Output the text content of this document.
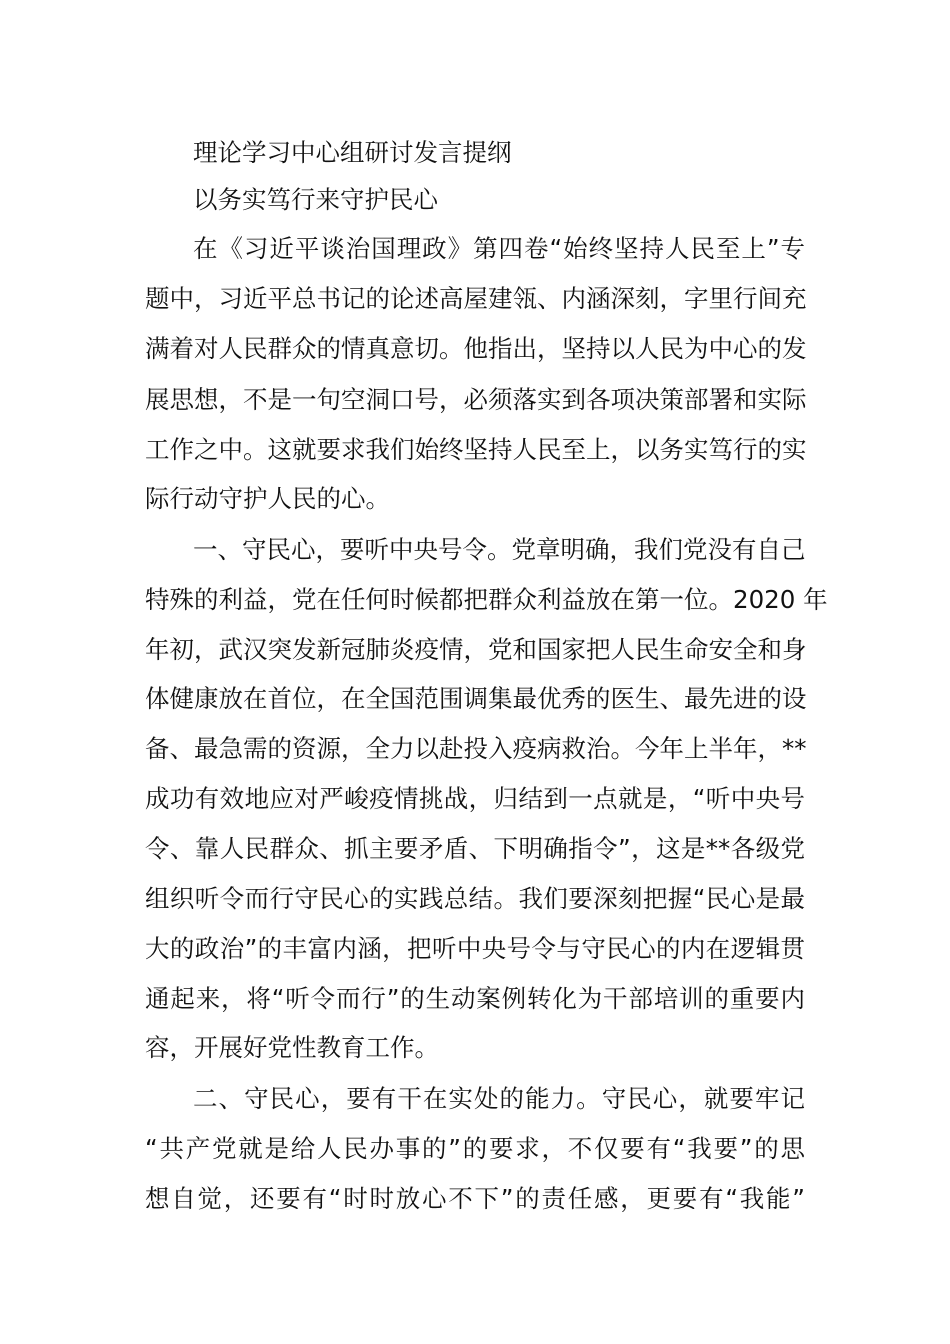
理论学习中心组研讨发言提纲
以务实笃行来守护民心
在《习近平谈治国理政》第四卷“始终坚持人民至上”专
题中，习近平总书记的论述高屋建瓴、内涵深刻，字里行间充
满着对人民群众的情真意切。他指出，坚持以人民为中心的发
展思想，不是一句空洞口号，必须落实到各项决策部署和实际
工作之中。这就要求我们始终坚持人民至上，以务实笃行的实
际行动守护人民的心。
一、守民心，要听中央号令。党章明确，我们党没有自己
特殊的利益，党在任何时候都把群众利益放在第一位。2020 年
年初，武汉突发新冠肺炎疫情，党和国家把人民生命安全和身
体健康放在首位，在全国范围调集最优秀的医生、最先进的设
备、最急需的资源，全力以赴投入疫病救治。今年上半年，**
成功有效地应对严峻疫情挑战，归结到一点就是，“听中央号
令、靠人民群众、抓主要矛盾、下明确指令”，这是**各级党
组织听令而行守民心的实践总结。我们要深刻把握“民心是最
大的政治”的丰富内涵，把听中央号令与守民心的内在逻辑贯
通起来，将“听令而行”的生动案例转化为干部培训的重要内
容，开展好党性教育工作。
二、守民心，要有干在实处的能力。守民心，就要牢记
“共产党就是给人民办事的”的要求，不仅要有“我要”的思
想自觉，还要有“时时放心不下”的责任感，更要有“我能”
